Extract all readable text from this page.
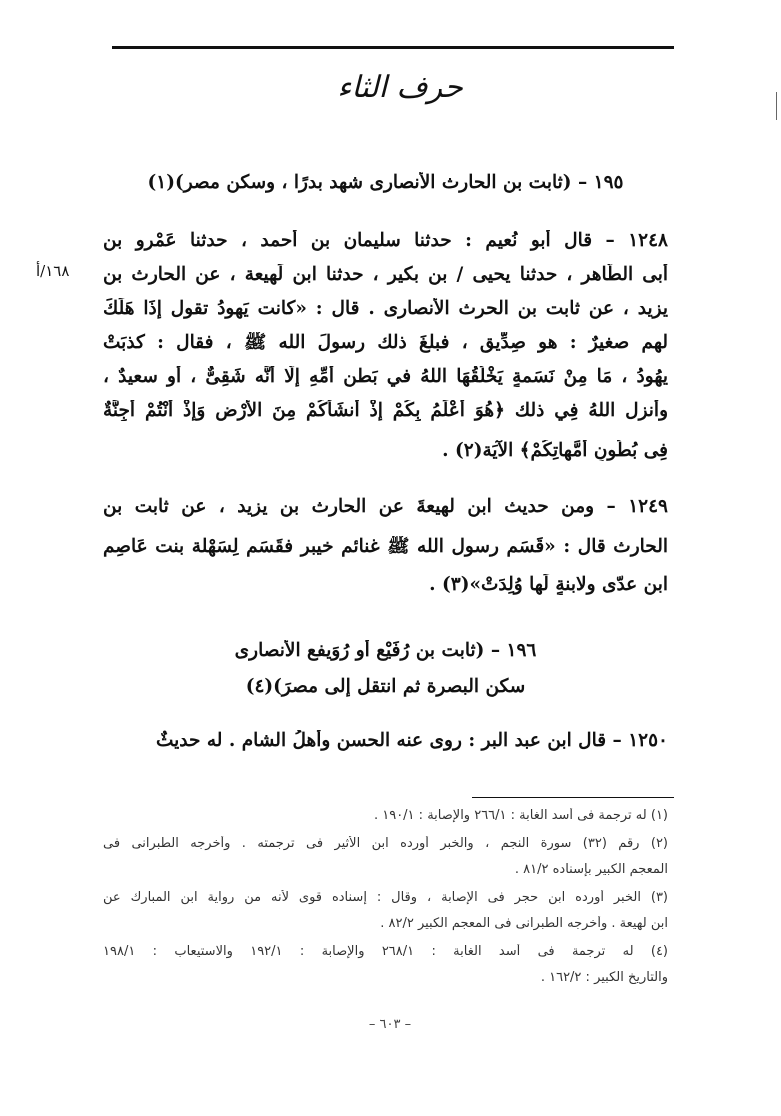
حرف الثاء
١٩٥ – (ثابت بن الحارث الأنصارى شهد بدرًا ، وسكن مصر)(١)
١٢٤٨ – قال أبو نُعيم : حدثنا سليمان بن أحمد ، حدثنا عَمْرو بن
أبى الطّاهر ، حدثنا يحيى / بن بكير ، حدثنا ابن لَهيعة ، عن الحارث بن
يزيد ، عن ثابت بن الحرث الأنصارى . قال : «كانت يَهودُ تقول إذَا هَلَكَ
لهم صغيرٌ : هو صِدِّيق ، فبلغَ ذلك رسولَ الله ﷺ ، فقال : كذبَتْ
يهُودُ ، مَا مِنْ نَسَمةٍ يَخْلُقُهَا اللهُ في بَطنِ أُمِّهِ إلَّا أنَّه شَقِىٌّ ، أو سعيدٌ ،
وأنزل اللهُ فِي ذلك ﴿هُوَ أَعْلَمُ بِكُمْ إِذْ أَنشَأَكُمْ مِنَ الأَرْضِ وَإِذْ أَنْتُمْ أَجِنَّةٌ
فِى بُطُونِ أُمَّهاتِكُمْ﴾ الآيَة(٢) .
١٦٨/أ
١٢٤٩ – ومن حديث ابن لهيعةَ عن الحارث بن يزيد ، عن ثابت بن
الحارث قال : «قَسَم رسول الله ﷺ غنائم خيبر فقَسَم لِسَهْلة بنت عَاصِم
ابن عدّى ولابنةٍ لَها وُلِدَتْ»(٣) .
١٩٦ – (ثابت بن رُفَيْع أو رُوَيفع الأنصارى
سكن البصرة ثم انتقل إلى مصرَ)(٤)
١٢٥٠ – قال ابن عبد البر : روى عنه الحسن وأهلُ الشام . له حديثٌ
(١) له ترجمة فى أسد الغابة : ٢٦٦/١ والإصابة : ١٩٠/١ .
(٢) رقم (٣٢) سورة النجم ، والخبر أورده ابن الأثير فى ترجمته . وأخرجه الطبرانى فى
المعجم الكبير بإسناده ٨١/٢ .
(٣) الخبر أورده ابن حجر فى الإصابة ، وقال : إسناده قوى لأنه من رواية ابن المبارك عن
ابن لهيعة . وأخرجه الطبرانى فى المعجم الكبير ٨٢/٢ .
(٤) له ترجمة فى أسد الغابة : ٢٦٨/١ والإصابة : ١٩٢/١ والاستيعاب : ١٩٨/١
والتاريخ الكبير : ١٦٢/٢ .
– ٦٠٣ –
